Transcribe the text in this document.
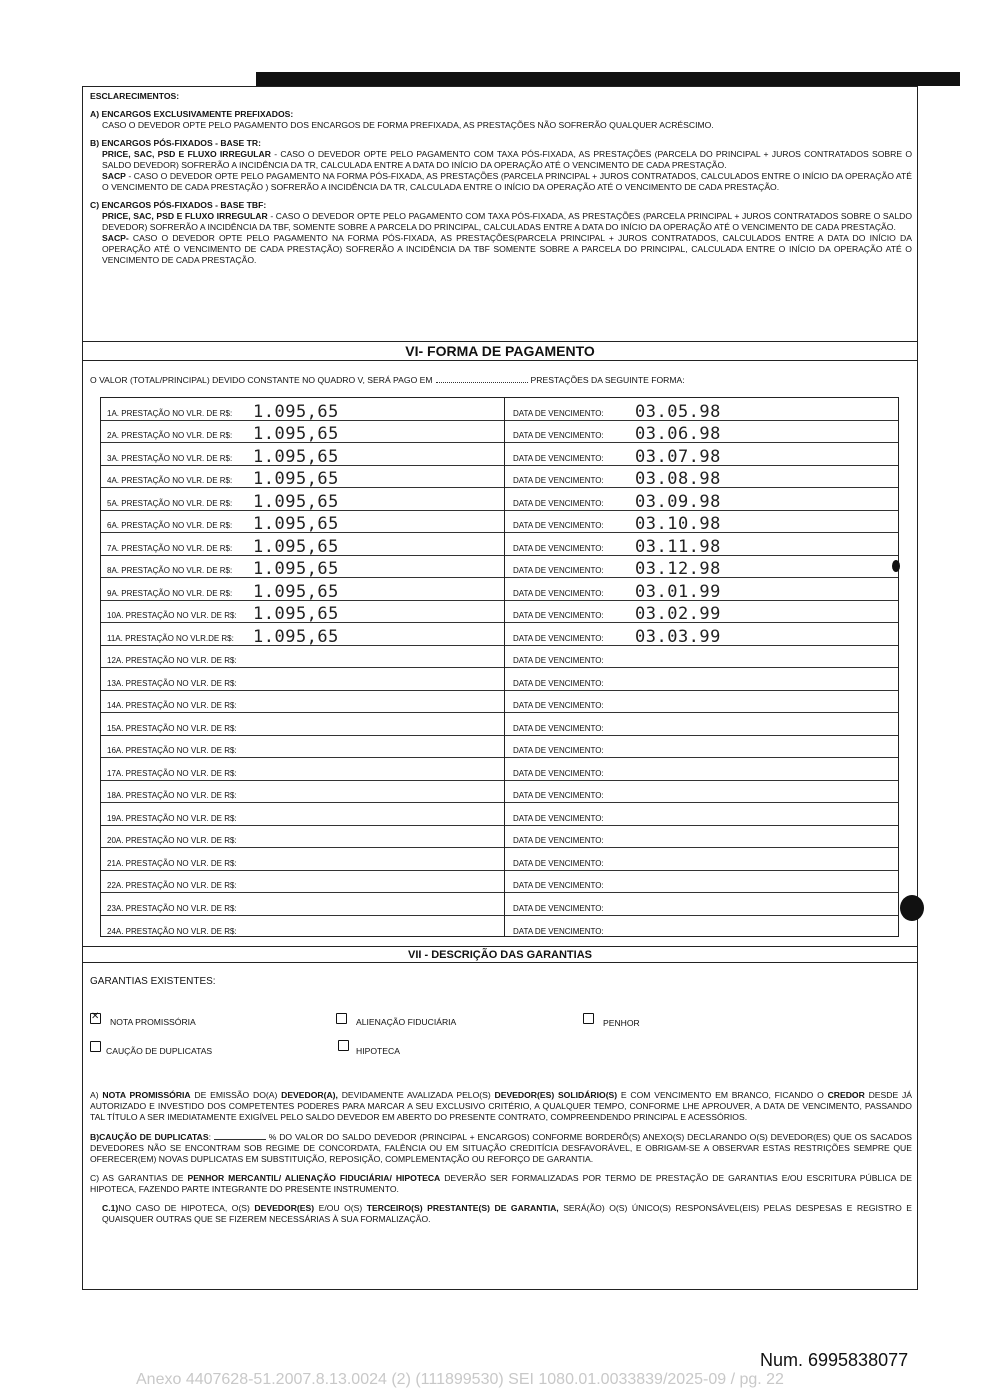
ESCLARECIMENTOS:

A) ENCARGOS EXCLUSIVAMENTE PREFIXADOS:

CASO O DEVEDOR OPTE PELO PAGAMENTO DOS ENCARGOS DE FORMA PREFIXADA, AS PRESTAÇÕES NÃO SOFRERÃO QUALQUER ACRÉSCIMO.

B) ENCARGOS PÓS-FIXADOS - BASE TR:

PRICE, SAC, PSD E FLUXO IRREGULAR - CASO O DEVEDOR OPTE PELO PAGAMENTO COM TAXA PÓS-FIXADA, AS PRESTAÇÕES (PARCELA DO PRINCIPAL + JUROS CONTRATADOS SOBRE O SALDO DEVEDOR) SOFRERÃO A INCIDÊNCIA DA TR, CALCULADA ENTRE A DATA DO INÍCIO DA OPERAÇÃO ATÉ O VENCIMENTO DE CADA PRESTAÇÃO.

SACP - CASO O DEVEDOR OPTE PELO PAGAMENTO NA FORMA PÓS-FIXADA, AS PRESTAÇÕES (PARCELA PRINCIPAL + JUROS CONTRATADOS, CALCULADOS ENTRE O INÍCIO DA OPERAÇÃO ATÉ O VENCIMENTO DE CADA PRESTAÇÃO ) SOFRERÃO A INCIDÊNCIA DA TR, CALCULADA ENTRE O INÍCIO DA OPERAÇÃO ATÉ O VENCIMENTO DE CADA PRESTAÇÃO.

C) ENCARGOS PÓS-FIXADOS - BASE TBF:

PRICE, SAC, PSD E FLUXO IRREGULAR - CASO O DEVEDOR OPTE PELO PAGAMENTO COM TAXA PÓS-FIXADA, AS PRESTAÇÕES (PARCELA PRINCIPAL + JUROS CONTRATADOS SOBRE O SALDO DEVEDOR) SOFRERÃO A INCIDÊNCIA DA TBF, SOMENTE SOBRE A PARCELA DO PRINCIPAL, CALCULADAS ENTRE A DATA DO INÍCIO DA OPERAÇÃO ATÉ O VENCIMENTO DE CADA PRESTAÇÃO.

SACP- CASO O DEVEDOR OPTE PELO PAGAMENTO NA FORMA PÓS-FIXADA, AS PRESTAÇÕES(PARCELA PRINCIPAL + JUROS CONTRATADOS, CALCULADOS ENTRE A DATA DO INÍCIO DA OPERAÇÃO ATÉ O VENCIMENTO DE CADA PRESTAÇÃO) SOFRERÃO A INCIDÊNCIA DA TBF SOMENTE SOBRE A PARCELA DO PRINCIPAL, CALCULADA ENTRE O INÍCIO DA OPERAÇÃO ATÉ O VENCIMENTO DE CADA PRESTAÇÃO.

VI- FORMA DE PAGAMENTO
O VALOR (TOTAL/PRINCIPAL) DEVIDO CONSTANTE NO QUADRO V, SERÁ PAGO EM	PRESTAÇÕES DA SEGUINTE FORMA:
1A. PRESTAÇÃO NO VLR. DE R$: 1.095,65	DATA DE VENCIMENTO: 03.05.98
2A. PRESTAÇÃO NO VLR. DE R$: 1.095,65	DATA DE VENCIMENTO: 03.06.98
3A. PRESTAÇÃO NO VLR. DE R$: 1.095,65	DATA DE VENCIMENTO: 03.07.98
4A. PRESTAÇÃO NO VLR. DE R$: 1.095,65	DATA DE VENCIMENTO: 03.08.98
5A. PRESTAÇÃO NO VLR. DE R$: 1.095,65	DATA DE VENCIMENTO: 03.09.98
6A. PRESTAÇÃO NO VLR. DE R$: 1.095,65	DATA DE VENCIMENTO: 03.10.98
7A. PRESTAÇÃO NO VLR. DE R$: 1.095,65	DATA DE VENCIMENTO: 03.11.98
8A. PRESTAÇÃO NO VLR. DE R$: 1.095,65	DATA DE VENCIMENTO: 03.12.98
9A. PRESTAÇÃO NO VLR. DE R$: 1.095,65	DATA DE VENCIMENTO: 03.01.99
10A. PRESTAÇÃO NO VLR. DE R$: 1.095,65	DATA DE VENCIMENTO: 03.02.99
11A. PRESTAÇÃO NO VLR.DE R$: 1.095,65	DATA DE VENCIMENTO: 03.03.99
12A. PRESTAÇÃO NO VLR. DE R$:	DATA DE VENCIMENTO:
13A. PRESTAÇÃO NO VLR. DE R$:	DATA DE VENCIMENTO:
14A. PRESTAÇÃO NO VLR. DE R$:	DATA DE VENCIMENTO:
15A. PRESTAÇÃO NO VLR. DE R$:	DATA DE VENCIMENTO:
16A. PRESTAÇÃO NO VLR. DE R$:	DATA DE VENCIMENTO:
17A. PRESTAÇÃO NO VLR. DE R$:	DATA DE VENCIMENTO:
18A. PRESTAÇÃO NO VLR. DE R$:	DATA DE VENCIMENTO:
19A. PRESTAÇÃO NO VLR. DE R$:	DATA DE VENCIMENTO:
20A. PRESTAÇÃO NO VLR. DE R$:	DATA DE VENCIMENTO:
21A. PRESTAÇÃO NO VLR. DE R$:	DATA DE VENCIMENTO:
22A. PRESTAÇÃO NO VLR. DE R$:	DATA DE VENCIMENTO:
23A. PRESTAÇÃO NO VLR. DE R$:	DATA DE VENCIMENTO:
24A. PRESTAÇÃO NO VLR. DE R$:	DATA DE VENCIMENTO:
VII - DESCRIÇÃO DAS GARANTIAS
GARANTIAS EXISTENTES:
✕
NOTA PROMISSÓRIA	ALIENAÇÃO FIDUCIÁRIA	PENHOR
CAUÇÃO DE DUPLICATAS	HIPOTECA

A) NOTA PROMISSÓRIA DE EMISSÃO DO(A) DEVEDOR(A), DEVIDAMENTE AVALIZADA PELO(S) DEVEDOR(ES) SOLIDÁRIO(S) E COM VENCIMENTO EM BRANCO, FICANDO O CREDOR DESDE JÁ AUTORIZADO E INVESTIDO DOS COMPETENTES PODERES PARA MARCAR A SEU EXCLUSIVO CRITÉRIO, A QUALQUER TEMPO, CONFORME LHE APROUVER, A DATA DE VENCIMENTO, PASSANDO TAL TÍTULO A SER IMEDIATAMENTE EXIGÍVEL PELO SALDO DEVEDOR EM ABERTO DO PRESENTE CONTRATO, COMPREENDENDO PRINCIPAL E ACESSÓRIOS.

B)CAUÇÃO DE DUPLICATAS:	% DO VALOR DO SALDO DEVEDOR (PRINCIPAL + ENCARGOS) CONFORME BORDERÔ(S) ANEXO(S) DECLARANDO O(S) DEVEDOR(ES) QUE OS SACADOS DEVEDORES NÃO SE ENCONTRAM SOB REGIME DE CONCORDATA, FALÊNCIA OU EM SITUAÇÃO CREDITÍCIA DESFAVORÁVEL, E OBRIGAM-SE A OBSERVAR ESTAS RESTRIÇÕES SEMPRE QUE OFERECER(EM) NOVAS DUPLICATAS EM SUBSTITUIÇÃO, REPOSIÇÃO, COMPLEMENTAÇÃO OU REFORÇO DE GARANTIA.

C) AS GARANTIAS DE PENHOR MERCANTIL/ ALIENAÇÃO FIDUCIÁRIA/ HIPOTECA DEVERÃO SER FORMALIZADAS POR TERMO DE PRESTAÇÃO DE GARANTIAS E/OU ESCRITURA PÚBLICA DE HIPOTECA, FAZENDO PARTE INTEGRANTE DO PRESENTE INSTRUMENTO.

C.1)NO CASO DE HIPOTECA, O(S) DEVEDOR(ES) E/OU O(S) TERCEIRO(S) PRESTANTE(S) DE GARANTIA, SERÁ(ÃO) O(S) ÚNICO(S) RESPONSÁVEL(EIS) PELAS DESPESAS E REGISTRO E QUAISQUER OUTRAS QUE SE FIZEREM NECESSÁRIAS À SUA FORMALIZAÇÃO.

Num. 6995838077
Anexo 4407628-51.2007.8.13.0024 (2) (111899530) SEI 1080.01.0033839/2025-09 / pg. 22
